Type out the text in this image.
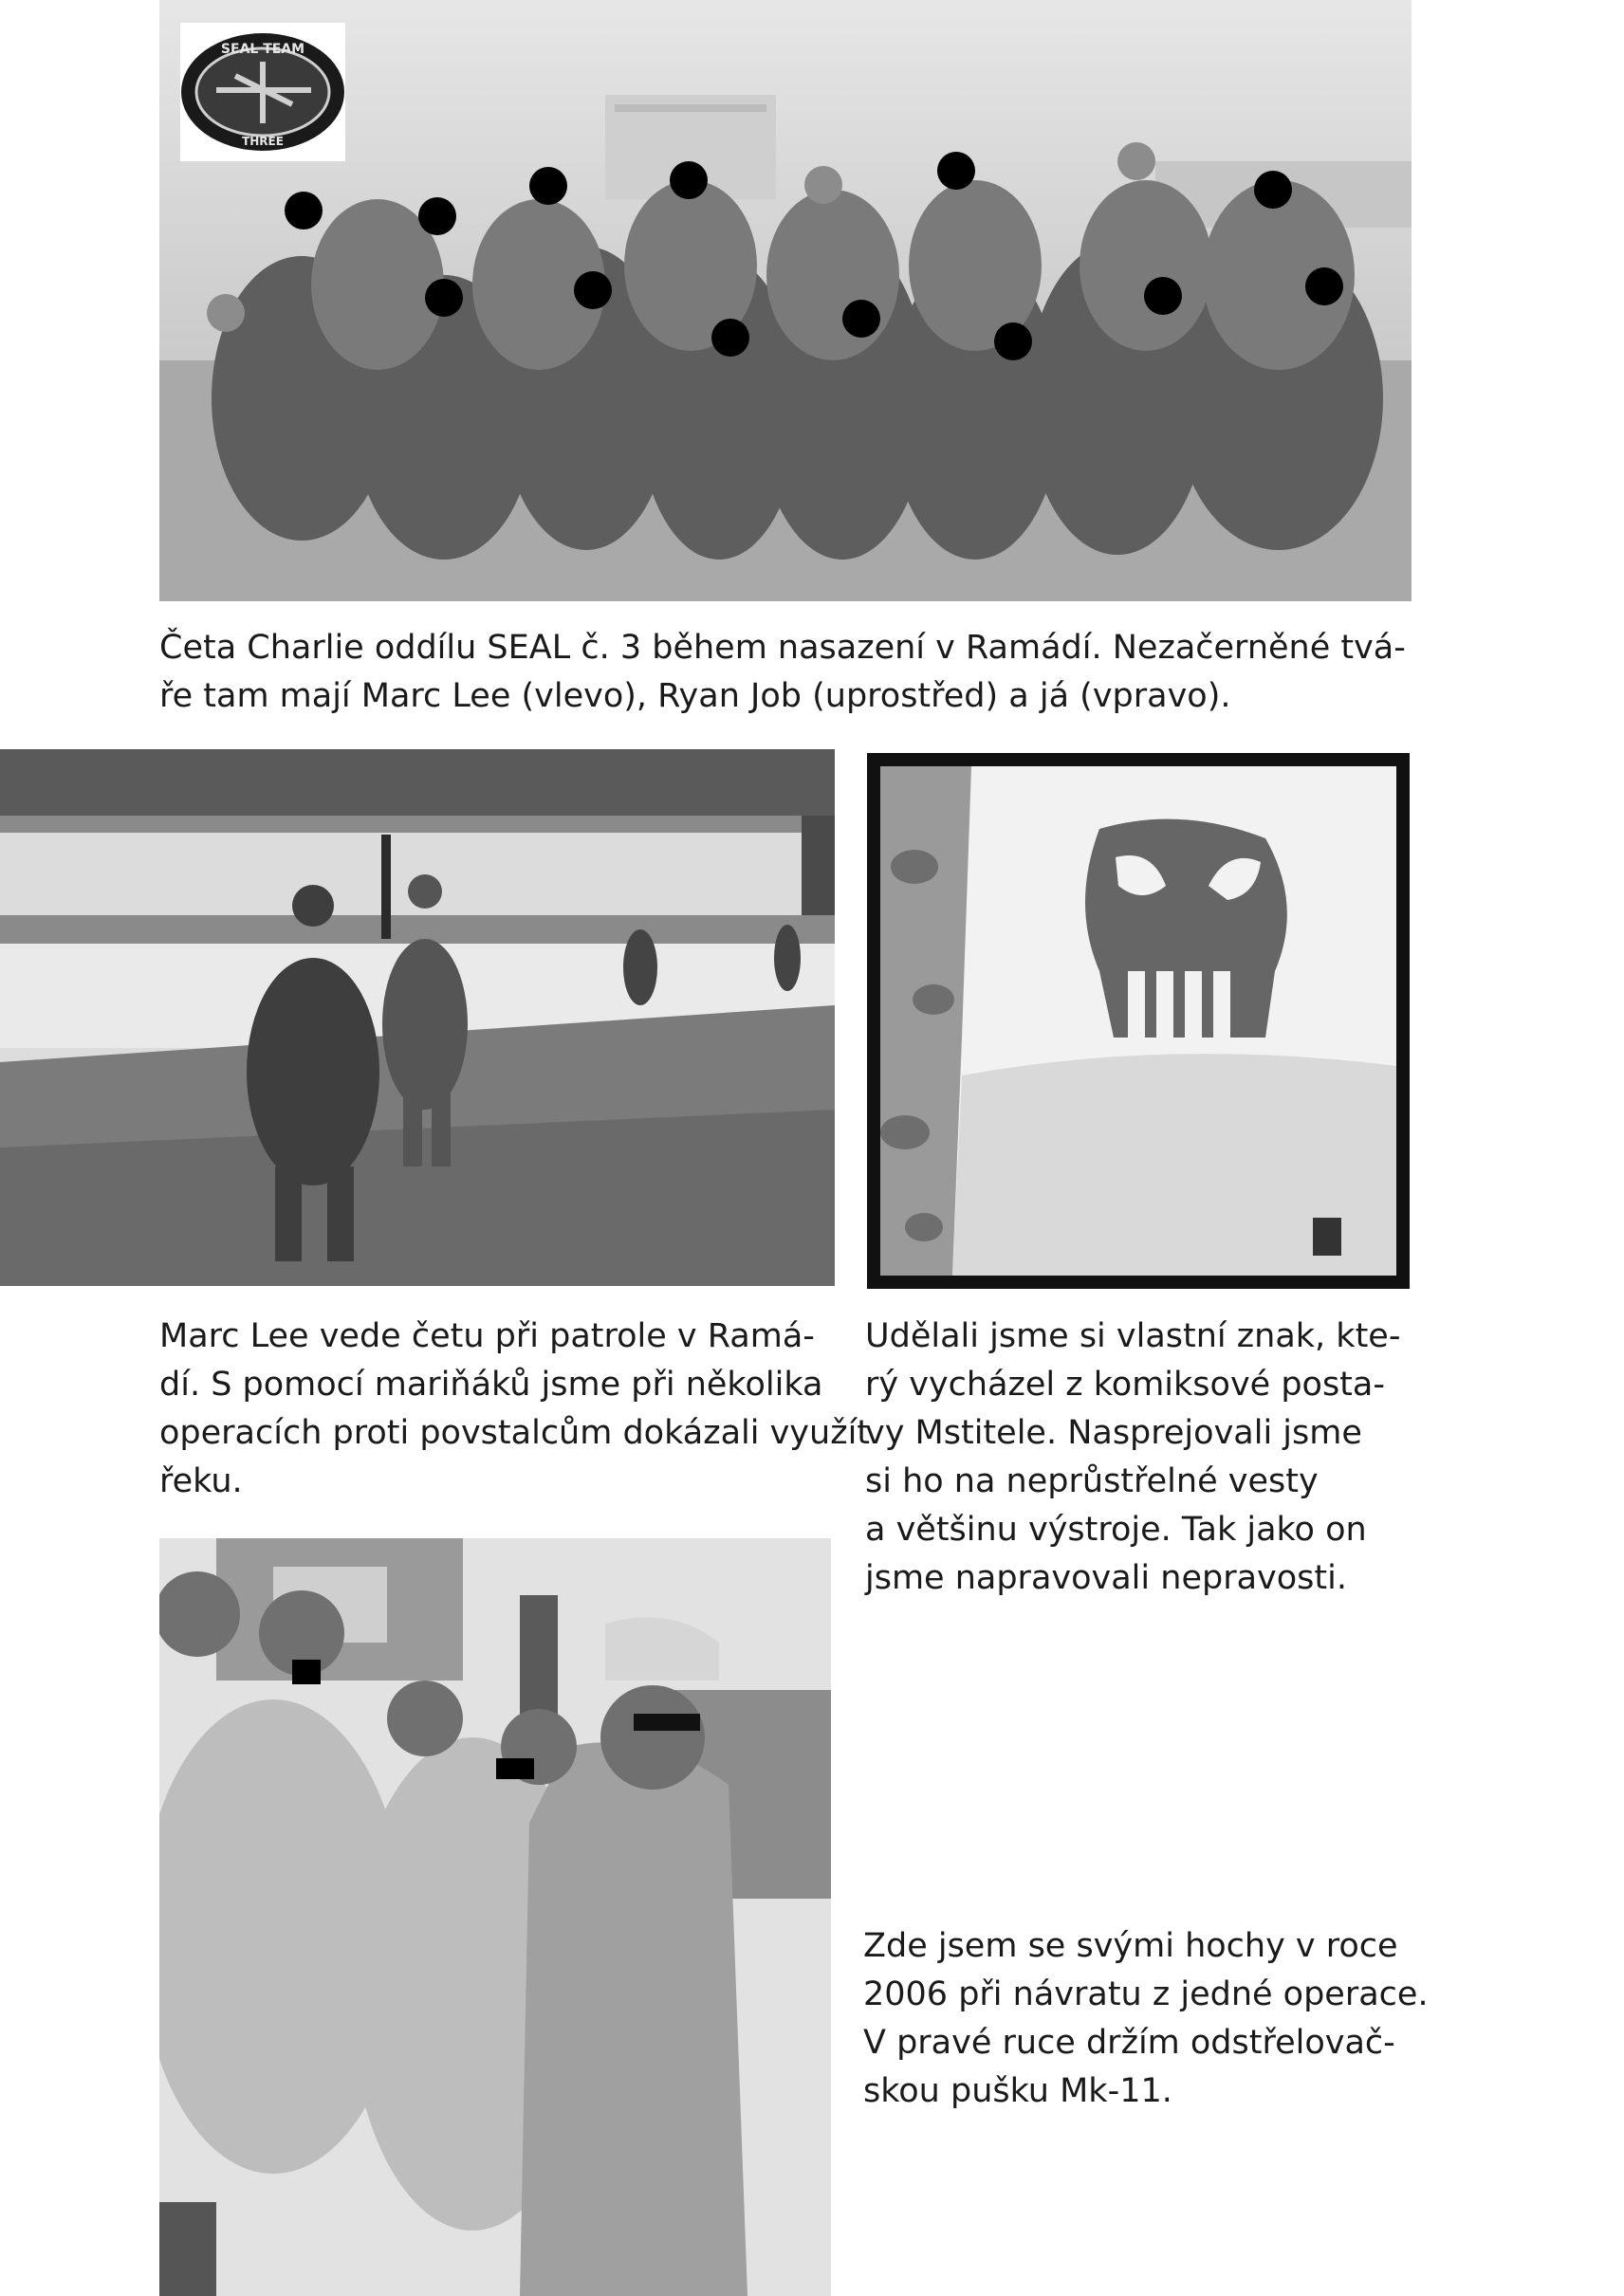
SEAL TEAM
THREE

Četa Charlie oddílu SEAL č. 3 během nasazení v Ramádí. Nezačerněné tvá-
ře tam mají Marc Lee (vlevo), Ryan Job (uprostřed) a já (vpravo).

Marc Lee vede četu při patrole v Ramá-
dí. S pomocí mariňáků jsme při několika
operacích proti povstalcům dokázali využít
řeku.

Udělali jsme si vlastní znak, kte-
rý vycházel z komiksové posta-
vy Mstitele. Nasprejovali jsme
si ho na neprůstřelné vesty
a většinu výstroje. Tak jako on
jsme napravovali nepravosti.

Zde jsem se svými hochy v roce
2006 při návratu z jedné operace.
V pravé ruce držím odstřelovač-
skou pušku Mk-11.
